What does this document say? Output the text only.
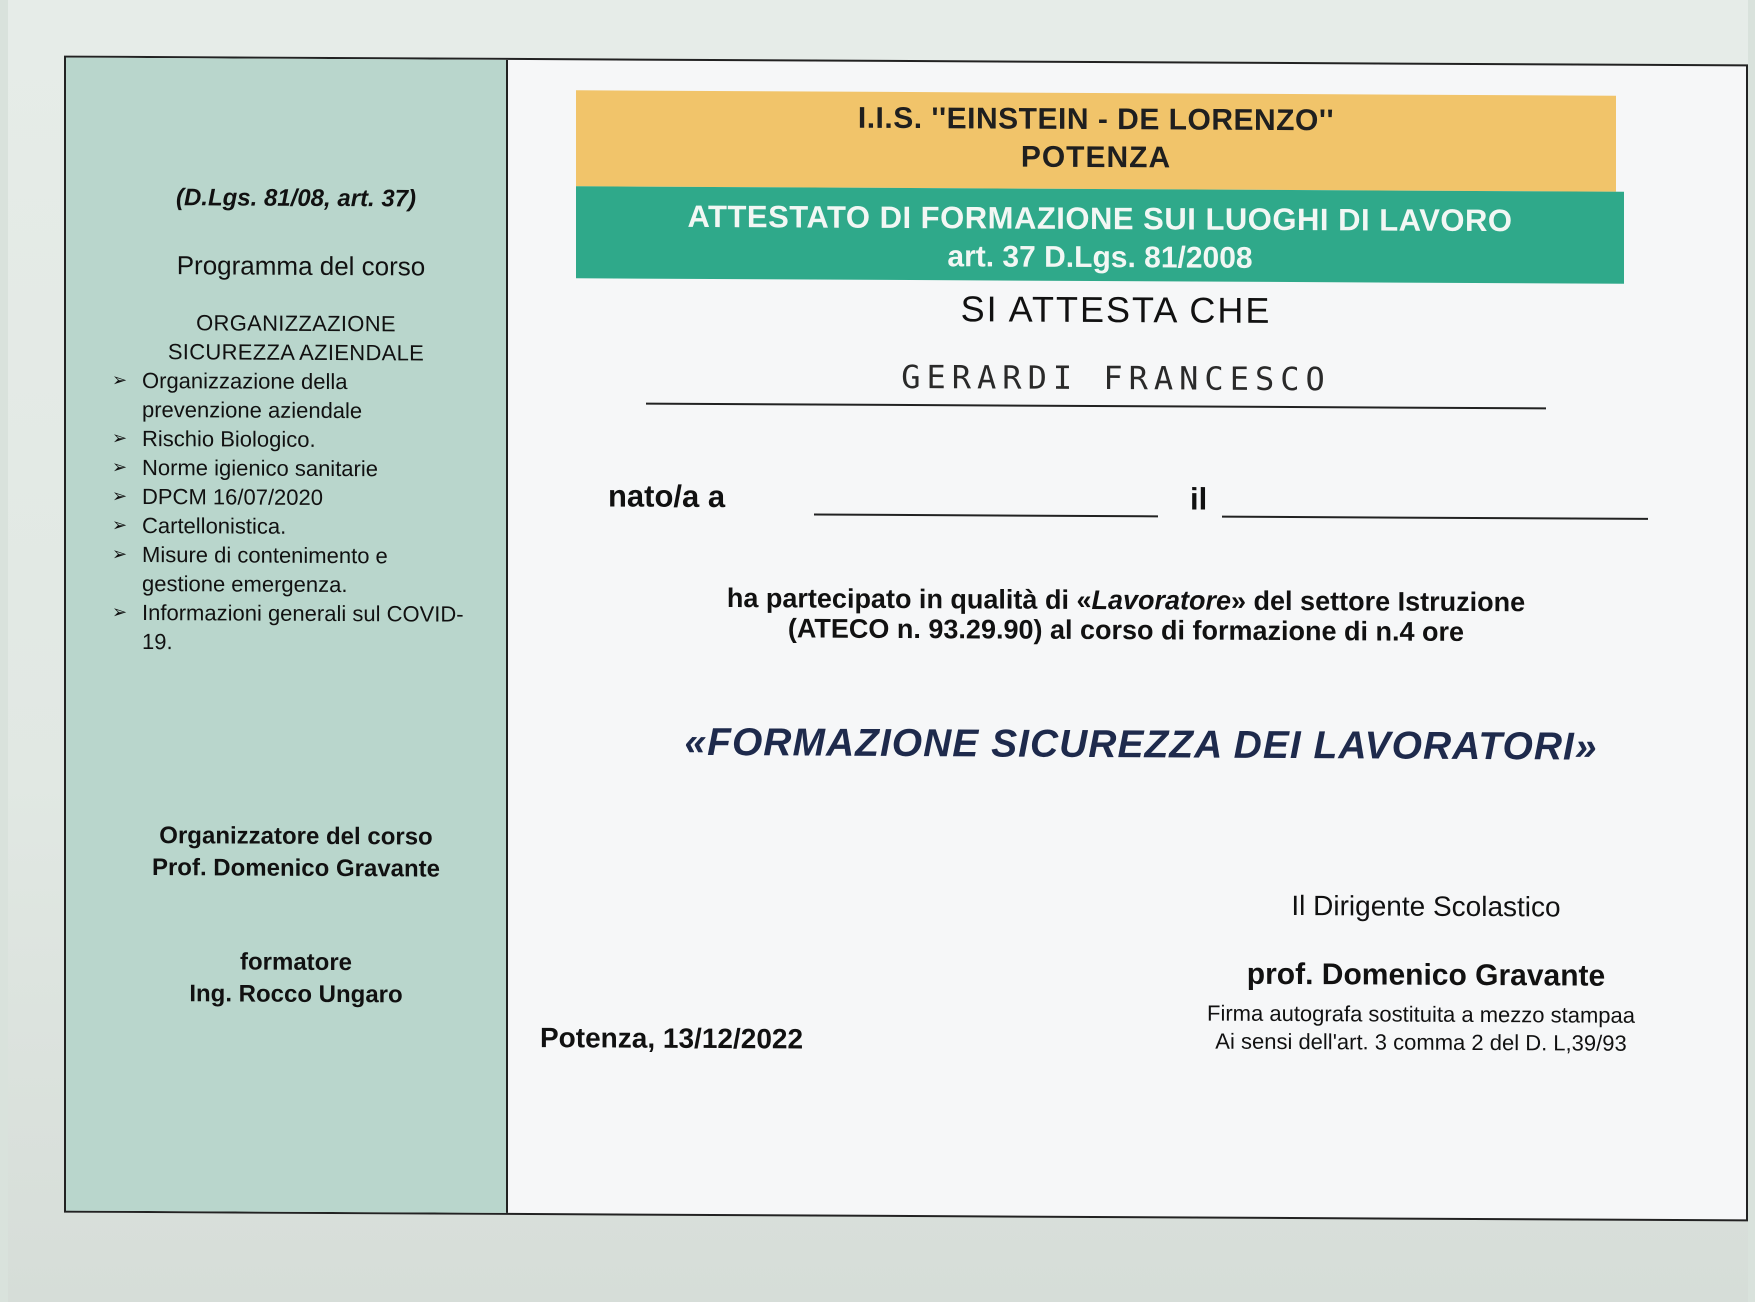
(D.Lgs. 81/08, art. 37)
Programma del corso
ORGANIZZAZIONE
SICUREZZA AZIENDALE
➢ Organizzazione della prevenzione aziendale
➢ Rischio Biologico.
➢ Norme igienico sanitarie
➢ DPCM 16/07/2020
➢ Cartellonistica.
➢ Misure di contenimento e gestione emergenza.
➢ Informazioni generali sul COVID-19.
Organizzatore del corso
Prof. Domenico Gravante
formatore
Ing. Rocco Ungaro
I.I.S. ''EINSTEIN - DE LORENZO''
POTENZA
ATTESTATO DI FORMAZIONE SUI LUOGHI DI LAVORO
art. 37 D.Lgs. 81/2008
SI ATTESTA CHE
GERARDI FRANCESCO
nato/a a	il
ha partecipato in qualità di «Lavoratore» del settore Istruzione
(ATECO n. 93.29.90) al corso di formazione di n.4 ore
«FORMAZIONE SICUREZZA DEI LAVORATORI»
Il Dirigente Scolastico
prof. Domenico Gravante
Firma autografa sostituita a mezzo stampaa
Ai sensi dell'art. 3 comma 2 del D. L,39/93
Potenza, 13/12/2022
